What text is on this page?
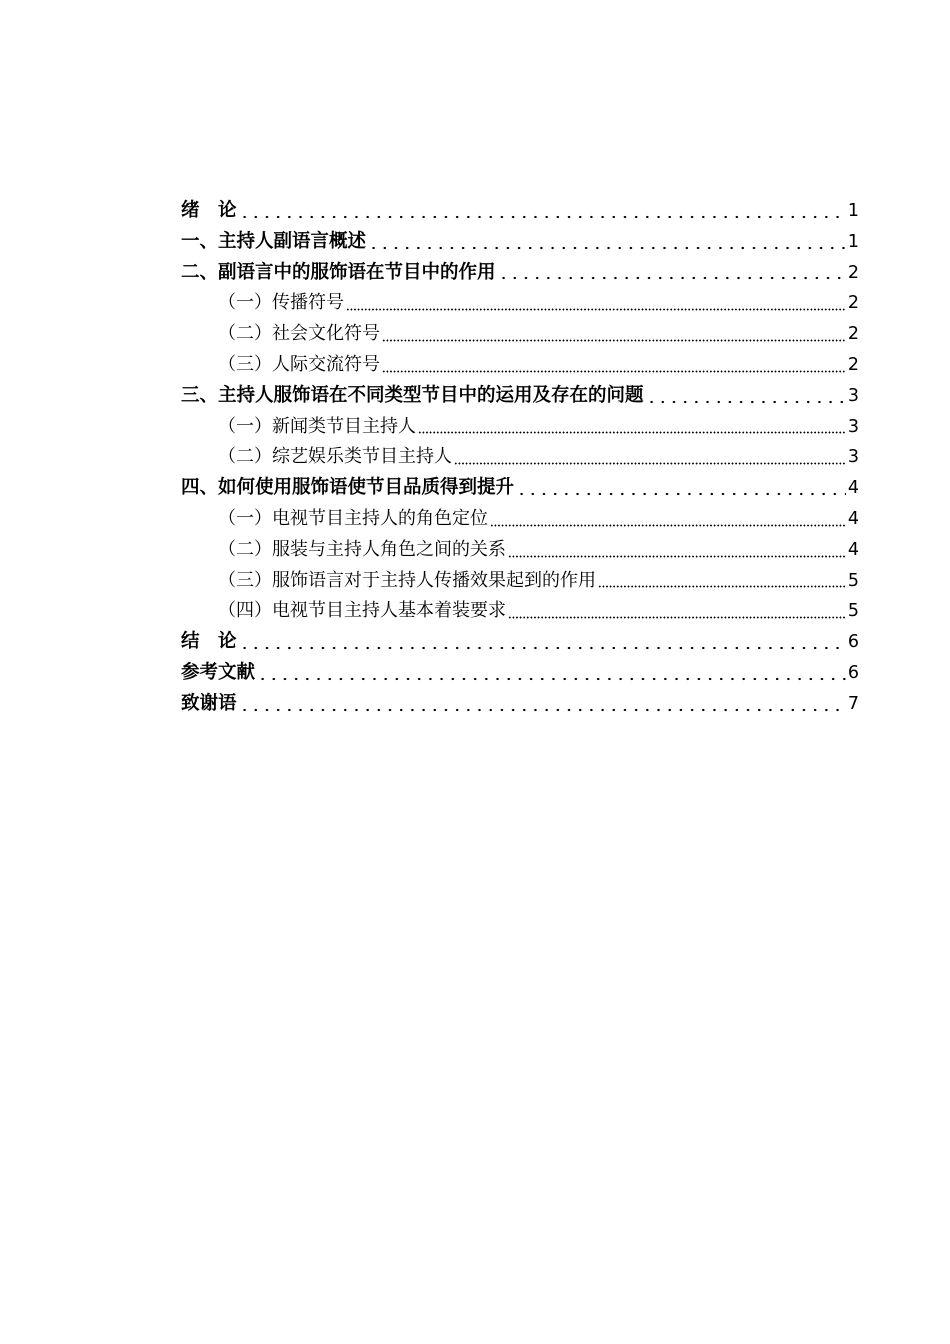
绪　论	1
一、主持人副语言概述	1
二、副语言中的服饰语在节目中的作用	2
（一）传播符号	2
（二）社会文化符号	2
（三）人际交流符号	2
三、主持人服饰语在不同类型节目中的运用及存在的问题	3
（一）新闻类节目主持人	3
（二）综艺娱乐类节目主持人	3
四、如何使用服饰语使节目品质得到提升	4
（一）电视节目主持人的角色定位	4
（二）服装与主持人角色之间的关系	4
（三）服饰语言对于主持人传播效果起到的作用	5
（四）电视节目主持人基本着装要求	5
结　论	6
参考文献	6
致谢语	7
